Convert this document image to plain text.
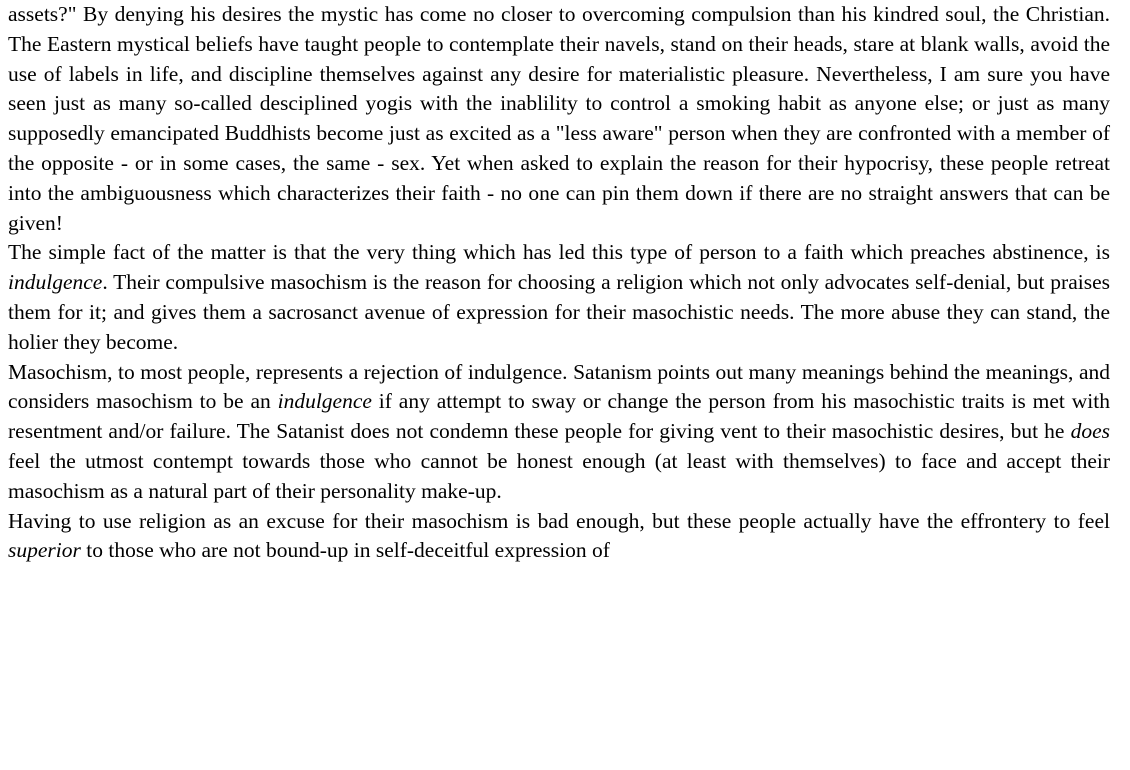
assets?" By denying his desires the mystic has come no closer to overcoming compulsion than his kindred soul, the Christian. The Eastern mystical beliefs have taught people to contemplate their navels, stand on their heads, stare at blank walls, avoid the use of labels in life, and discipline themselves against any desire for materialistic pleasure. Nevertheless, I am sure you have seen just as many so-called desciplined yogis with the inablility to control a smoking habit as anyone else; or just as many supposedly emancipated Buddhists become just as excited as a "less aware" person when they are confronted with a member of the opposite - or in some cases, the same - sex. Yet when asked to explain the reason for their hypocrisy, these people retreat into the ambiguousness which characterizes their faith - no one can pin them down if there are no straight answers that can be given!

The simple fact of the matter is that the very thing which has led this type of person to a faith which preaches abstinence, is indulgence. Their compulsive masochism is the reason for choosing a religion which not only advocates self-denial, but praises them for it; and gives them a sacrosanct avenue of expression for their masochistic needs. The more abuse they can stand, the holier they become.

Masochism, to most people, represents a rejection of indulgence. Satanism points out many meanings behind the meanings, and considers masochism to be an indulgence if any attempt to sway or change the person from his masochistic traits is met with resentment and/or failure. The Satanist does not condemn these people for giving vent to their masochistic desires, but he does feel the utmost contempt towards those who cannot be honest enough (at least with themselves) to face and accept their masochism as a natural part of their personality make-up.

Having to use religion as an excuse for their masochism is bad enough, but these people actually have the effrontery to feel superior to those who are not bound-up in self-deceitful expression of
